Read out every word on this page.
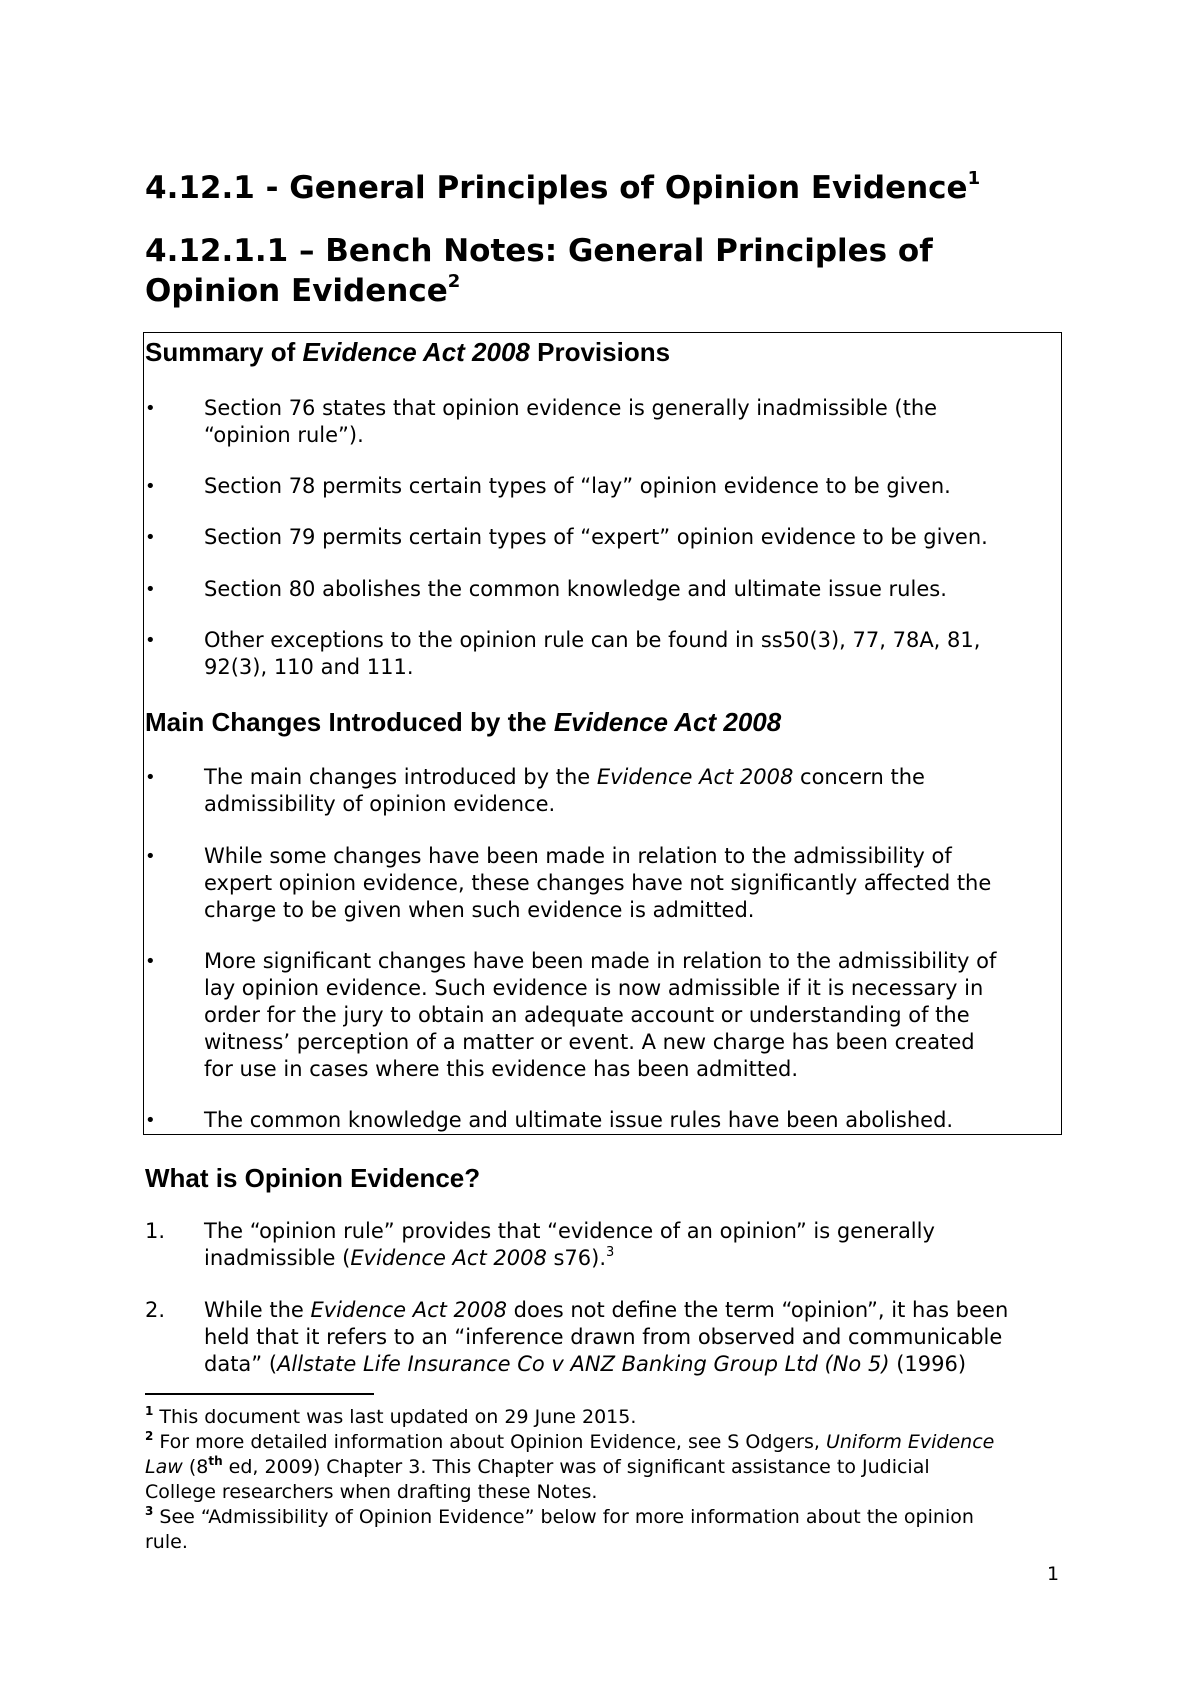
4.12.1 - General Principles of Opinion Evidence$^1$
4.12.1.1 – Bench Notes: General Principles of
Opinion Evidence$^2$
Summary of Evidence Act 2008 Provisions
•	Section 76 states that opinion evidence is generally inadmissible (the
“opinion rule”).
•	Section 78 permits certain types of “lay” opinion evidence to be given.
•	Section 79 permits certain types of “expert” opinion evidence to be given.
•	Section 80 abolishes the common knowledge and ultimate issue rules.
•	Other exceptions to the opinion rule can be found in ss50(3), 77, 78A, 81,
92(3), 110 and 111.
Main Changes Introduced by the Evidence Act 2008
•	The main changes introduced by the Evidence Act 2008 concern the
admissibility of opinion evidence.
•	While some changes have been made in relation to the admissibility of
expert opinion evidence, these changes have not significantly affected the
charge to be given when such evidence is admitted.
•	More significant changes have been made in relation to the admissibility of
lay opinion evidence. Such evidence is now admissible if it is necessary in
order for the jury to obtain an adequate account or understanding of the
witness’ perception of a matter or event. A new charge has been created
for use in cases where this evidence has been admitted.
•	The common knowledge and ultimate issue rules have been abolished.
What is Opinion Evidence?
1.	The “opinion rule” provides that “evidence of an opinion” is generally
inadmissible (Evidence Act 2008 s76).$^3$
2.	While the Evidence Act 2008 does not define the term “opinion”, it has been
held that it refers to an “inference drawn from observed and communicable
data” (Allstate Life Insurance Co v ANZ Banking Group Ltd (No 5) (1996)
$^1$ This document was last updated on 29 June 2015.
$^2$ For more detailed information about Opinion Evidence, see S Odgers, Uniform Evidence
Law (8th ed, 2009) Chapter 3. This Chapter was of significant assistance to Judicial
College researchers when drafting these Notes.
$^3$ See “Admissibility of Opinion Evidence” below for more information about the opinion
rule.
1
